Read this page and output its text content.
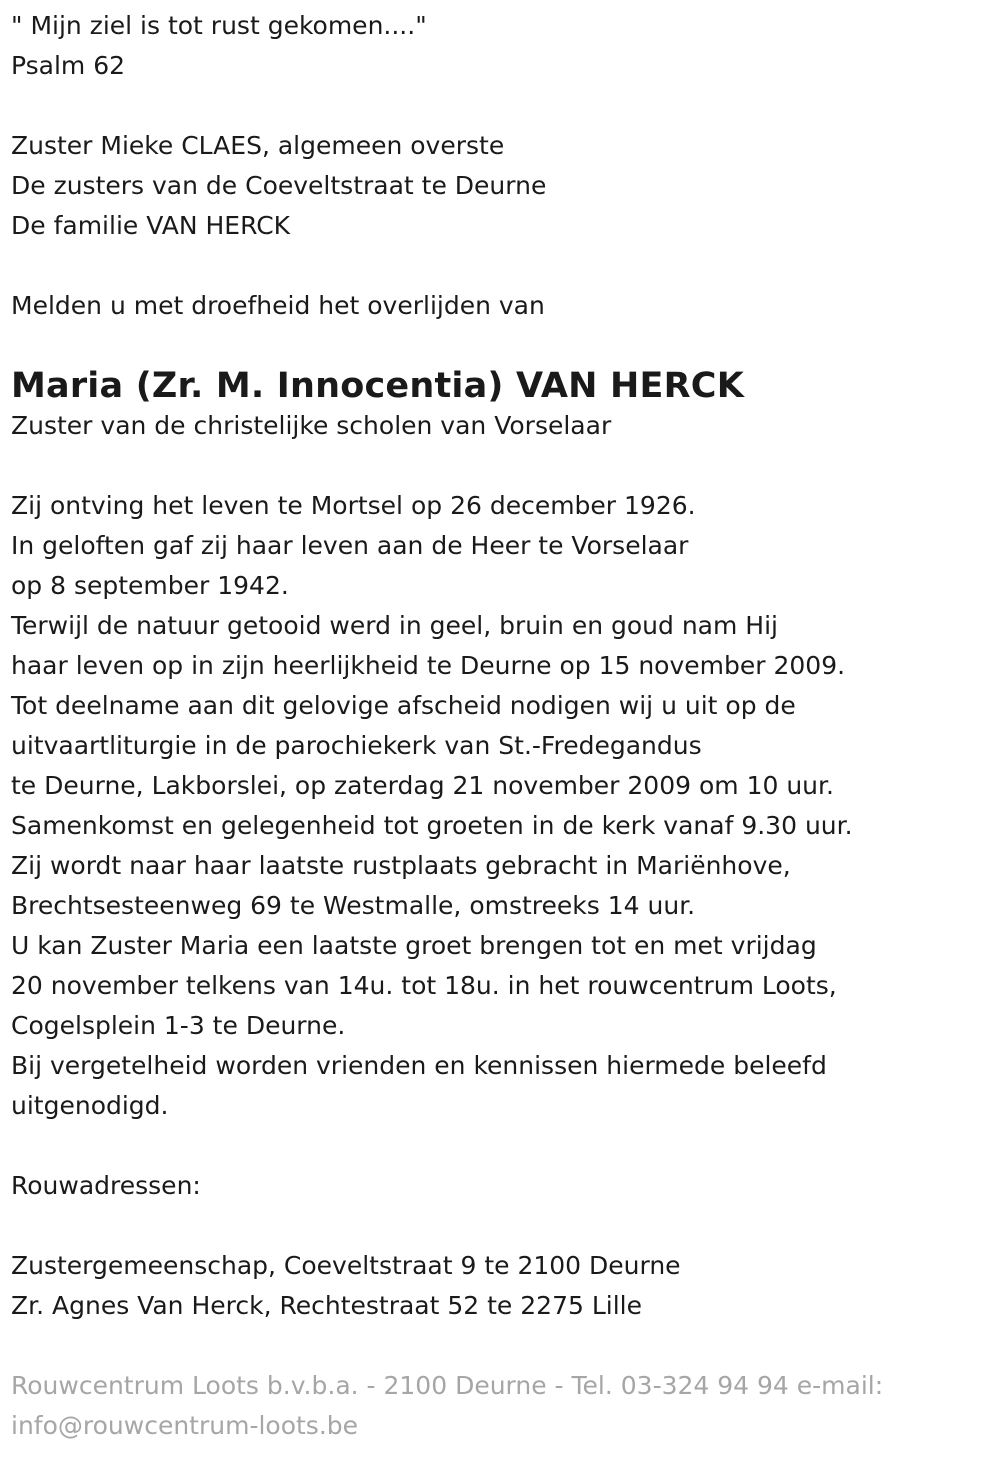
" Mijn ziel is tot rust gekomen...."
Psalm 62
Zuster Mieke CLAES, algemeen overste
De zusters van de Coeveltstraat te Deurne
De familie VAN HERCK
Melden u met droefheid het overlijden van
Maria (Zr. M. Innocentia) VAN HERCK
Zuster van de christelijke scholen van Vorselaar
Zij ontving het leven te Mortsel op 26 december 1926.
In geloften gaf zij haar leven aan de Heer te Vorselaar
op 8 september 1942.
Terwijl de natuur getooid werd in geel, bruin en goud nam Hij
haar leven op in zijn heerlijkheid te Deurne op 15 november 2009.
Tot deelname aan dit gelovige afscheid nodigen wij u uit op de
uitvaartliturgie in de parochiekerk van St.-Fredegandus
te Deurne, Lakborslei, op zaterdag 21 november 2009 om 10 uur.
Samenkomst en gelegenheid tot groeten in de kerk vanaf 9.30 uur.
Zij wordt naar haar laatste rustplaats gebracht in Mariënhove,
Brechtsesteenweg 69 te Westmalle, omstreeks 14 uur.
U kan Zuster Maria een laatste groet brengen tot en met vrijdag
20 november telkens van 14u. tot 18u. in het rouwcentrum Loots,
Cogelsplein 1-3 te Deurne.
Bij vergetelheid worden vrienden en kennissen hiermede beleefd
uitgenodigd.
Rouwadressen:
Zustergemeenschap, Coeveltstraat 9 te 2100 Deurne
Zr. Agnes Van Herck, Rechtestraat 52 te 2275 Lille
Rouwcentrum Loots b.v.b.a. - 2100 Deurne - Tel. 03-324 94 94 e-mail:
info@rouwcentrum-loots.be
